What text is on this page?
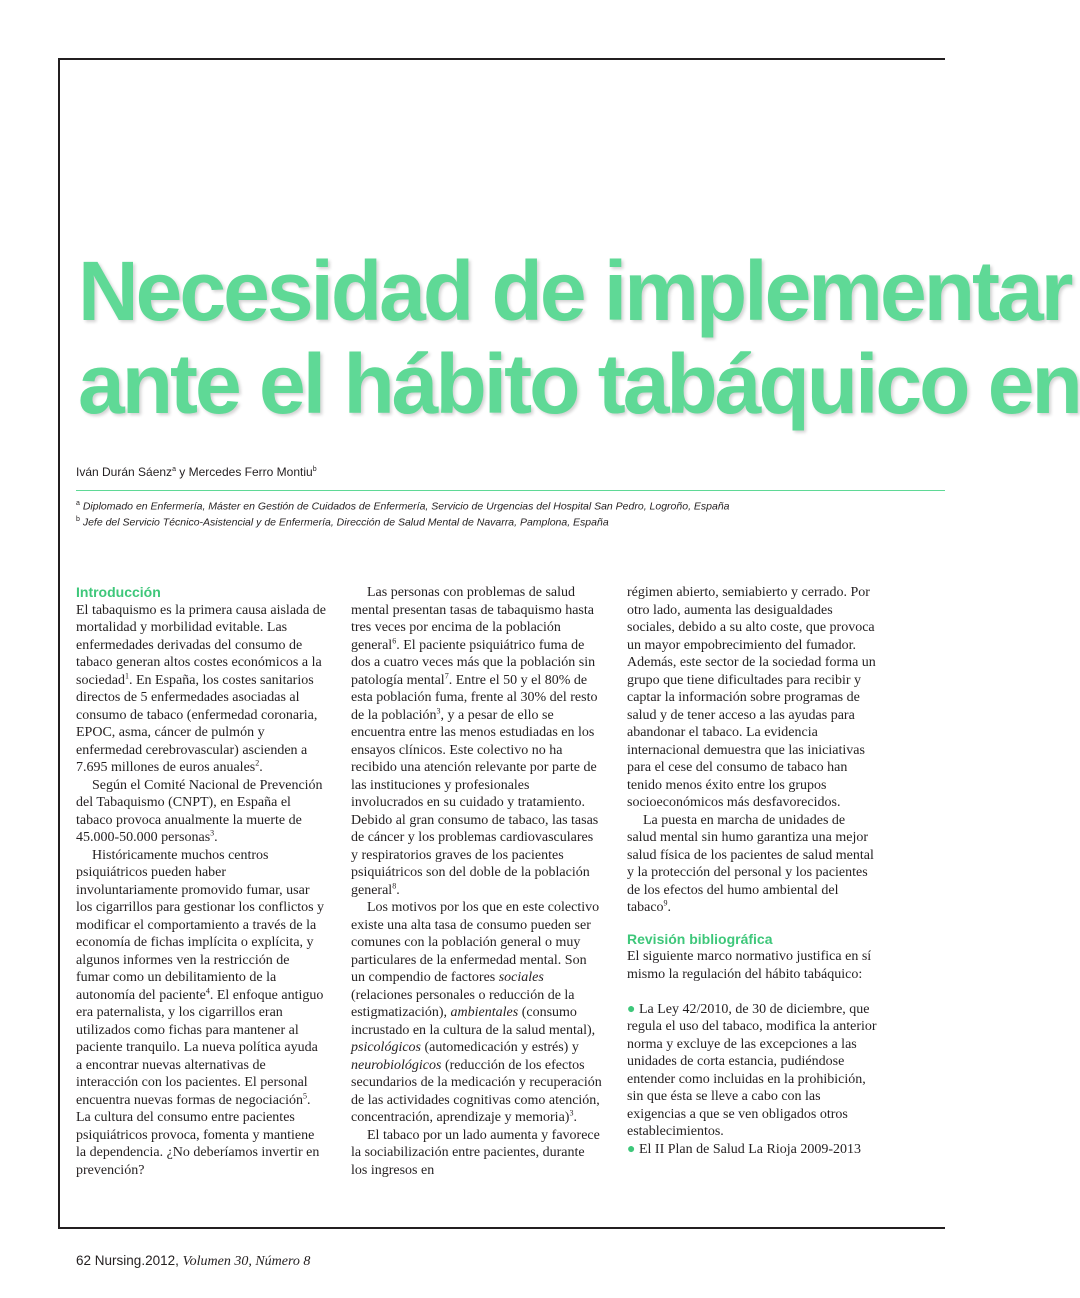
Necesidad de implementar
ante el hábito tabáquico en

Iván Durán Sáenz$^a$ y Mercedes Ferro Montiu$^b$

$^a$ Diplomado en Enfermería, Máster en Gestión de Cuidados de Enfermería, Servicio de Urgencias del Hospital San Pedro, Logroño, España

$^b$ Jefe del Servicio Técnico-Asistencial y de Enfermería, Dirección de Salud Mental de Navarra, Pamplona, España

Introducción

El tabaquismo es la primera causa aislada de mortalidad y morbilidad evitable. Las enfermedades derivadas del consumo de tabaco generan altos costes económicos a la sociedad$^1$. En España, los costes sanitarios directos de 5 enfermedades asociadas al consumo de tabaco (enfermedad coronaria, EPOC, asma, cáncer de pulmón y enfermedad cerebrovascular) ascienden a 7.695 millones de euros anuales$^2$.

Según el Comité Nacional de Prevención del Tabaquismo (CNPT), en España el tabaco provoca anualmente la muerte de 45.000-50.000 personas$^3$.

Históricamente muchos centros psiquiátricos pueden haber involuntariamente promovido fumar, usar los cigarrillos para gestionar los conflictos y modificar el comportamiento a través de la economía de fichas implícita o explícita, y algunos informes ven la restricción de fumar como un debilitamiento de la autonomía del paciente$^4$. El enfoque antiguo era paternalista, y los cigarrillos eran utilizados como fichas para mantener al paciente tranquilo. La nueva política ayuda a encontrar nuevas alternativas de interacción con los pacientes. El personal encuentra nuevas formas de negociación$^5$. La cultura del consumo entre pacientes psiquiátricos provoca, fomenta y mantiene la dependencia. ¿No deberíamos invertir en prevención?

Las personas con problemas de salud mental presentan tasas de tabaquismo hasta tres veces por encima de la población general$^6$. El paciente psiquiátrico fuma de dos a cuatro veces más que la población sin patología mental$^7$. Entre el 50 y el 80% de esta población fuma, frente al 30% del resto de la población$^3$, y a pesar de ello se encuentra entre las menos estudiadas en los ensayos clínicos. Este colectivo no ha recibido una atención relevante por parte de las instituciones y profesionales involucrados en su cuidado y tratamiento. Debido al gran consumo de tabaco, las tasas de cáncer y los problemas cardiovasculares y respiratorios graves de los pacientes psiquiátricos son del doble de la población general$^8$.

Los motivos por los que en este colectivo existe una alta tasa de consumo pueden ser comunes con la población general o muy particulares de la enfermedad mental. Son un compendio de factores sociales (relaciones personales o reducción de la estigmatización), ambientales (consumo incrustado en la cultura de la salud mental), psicológicos (automedicación y estrés) y neurobiológicos (reducción de los efectos secundarios de la medicación y recuperación de las actividades cognitivas como atención, concentración, aprendizaje y memoria)$^3$.

El tabaco por un lado aumenta y favorece la sociabilización entre pacientes, durante los ingresos en

régimen abierto, semiabierto y cerrado. Por otro lado, aumenta las desigualdades sociales, debido a su alto coste, que provoca un mayor empobrecimiento del fumador. Además, este sector de la sociedad forma un grupo que tiene dificultades para recibir y captar la información sobre programas de salud y de tener acceso a las ayudas para abandonar el tabaco. La evidencia internacional demuestra que las iniciativas para el cese del consumo de tabaco han tenido menos éxito entre los grupos socioeconómicos más desfavorecidos.

La puesta en marcha de unidades de salud mental sin humo garantiza una mejor salud física de los pacientes de salud mental y la protección del personal y los pacientes de los efectos del humo ambiental del tabaco$^9$.

Revisión bibliográfica

El siguiente marco normativo justifica en sí mismo la regulación del hábito tabáquico:

● La Ley 42/2010, de 30 de diciembre, que regula el uso del tabaco, modifica la anterior norma y excluye de las excepciones a las unidades de corta estancia, pudiéndose entender como incluidas en la prohibición, sin que ésta se lleve a cabo con las exigencias a que se ven obligados otros establecimientos.

● El II Plan de Salud La Rioja 2009-2013

62 Nursing.2012, Volumen 30, Número 8
